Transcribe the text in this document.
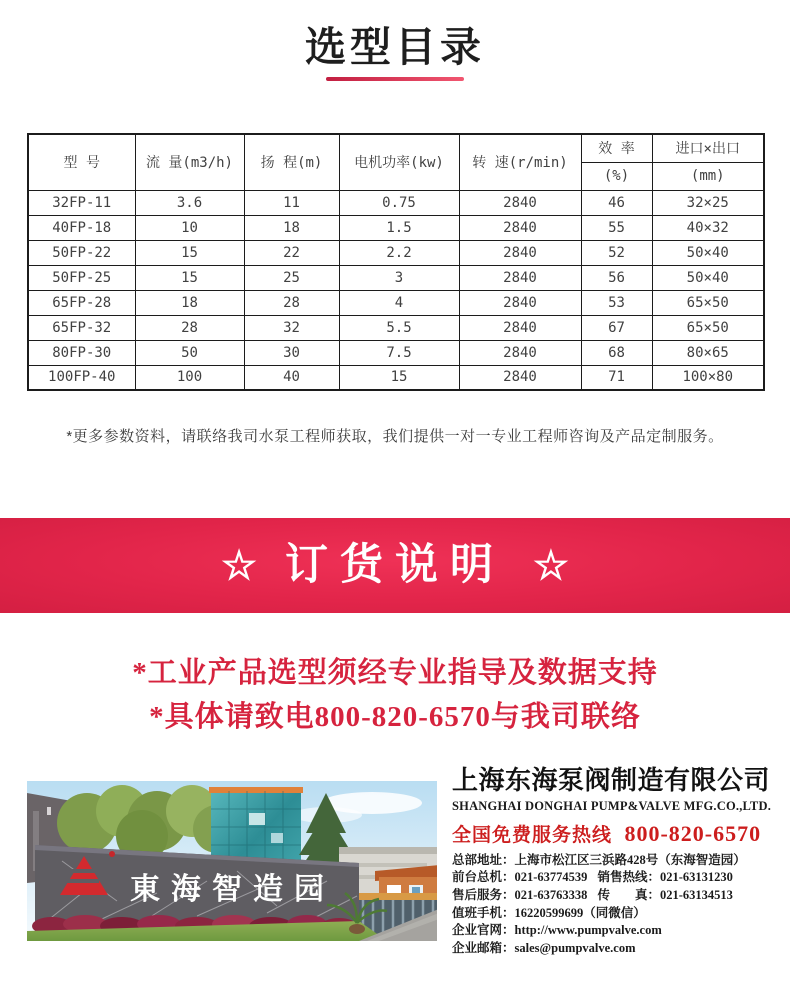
选型目录
型 号	流 量(m3/h)	扬 程(m)	电机功率(kw)	转 速(r/min)	效 率	进口×出口
					(%)	(mm)
32FP-11	3.6	11	0.75	2840	46	32×25
40FP-18	10	18	1.5	2840	55	40×32
50FP-22	15	22	2.2	2840	52	50×40
50FP-25	15	25	3	2840	56	50×40
65FP-28	18	28	4	2840	53	65×50
65FP-32	28	32	5.5	2840	67	65×50
80FP-30	50	30	7.5	2840	68	80×65
100FP-40	100	40	15	2840	71	100×80
*更多参数资料，请联络我司水泵工程师获取，我们提供一对一专业工程师咨询及产品定制服务。
☆ 订货说明 ☆
*工业产品选型须经专业指导及数据支持
*具体请致电800-820-6570与我司联络
東海智造园
上海东海泵阀制造有限公司
SHANGHAI DONGHAI PUMP&VALVE MFG.CO.,LTD.
全国免费服务热线 800-820-6570
总部地址：上海市松江区三浜路428号（东海智造园）
前台总机：021-63774539 销售热线：021-63131230
售后服务：021-63763338 传　　真：021-63134513
值班手机：16220599699（同微信）
企业官网：http://www.pumpvalve.com
企业邮箱：sales@pumpvalve.com
